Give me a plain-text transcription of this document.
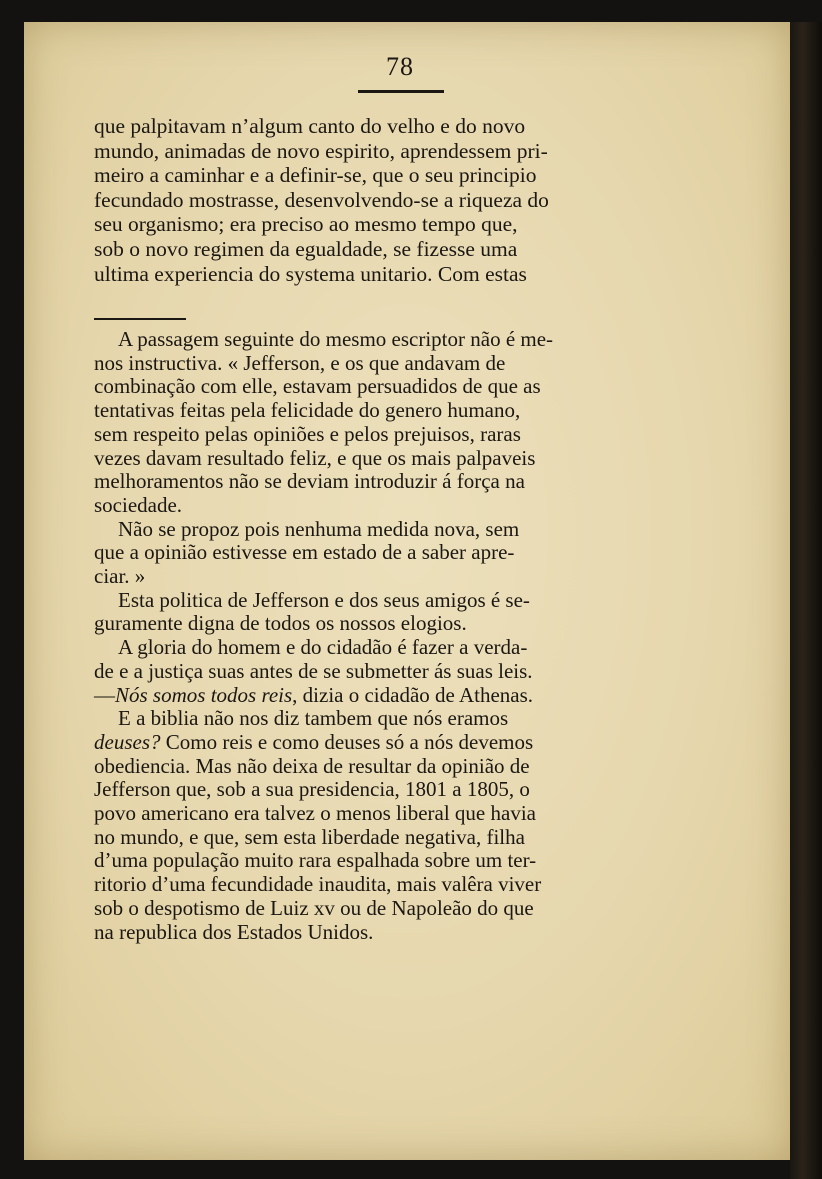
78
que palpitavam n’algum canto do velho e do novo
mundo, animadas de novo espirito, aprendessem pri-
meiro a caminhar e a definir-se, que o seu principio
fecundado mostrasse, desenvolvendo-se a riqueza do
seu organismo; era preciso ao mesmo tempo que,
sob o novo regimen da egualdade, se fizesse uma
ultima experiencia do systema unitario. Com estas
A passagem seguinte do mesmo escriptor não é me-
nos instructiva. « Jefferson, e os que andavam de
combinação com elle, estavam persuadidos de que as
tentativas feitas pela felicidade do genero humano,
sem respeito pelas opiniões e pelos prejuisos, raras
vezes davam resultado feliz, e que os mais palpaveis
melhoramentos não se deviam introduzir á força na
sociedade.
Não se propoz pois nenhuma medida nova, sem
que a opinião estivesse em estado de a saber apre-
ciar. »
Esta politica de Jefferson e dos seus amigos é se-
guramente digna de todos os nossos elogios.
A gloria do homem e do cidadão é fazer a verda-
de e a justiça suas antes de se submetter ás suas leis.
—Nós somos todos reis, dizia o cidadão de Athenas.
E a biblia não nos diz tambem que nós eramos
deuses? Como reis e como deuses só a nós devemos
obediencia. Mas não deixa de resultar da opinião de
Jefferson que, sob a sua presidencia, 1801 a 1805, o
povo americano era talvez o menos liberal que havia
no mundo, e que, sem esta liberdade negativa, filha
d’uma população muito rara espalhada sobre um ter-
ritorio d’uma fecundidade inaudita, mais valêra viver
sob o despotismo de Luiz xv ou de Napoleão do que
na republica dos Estados Unidos.
